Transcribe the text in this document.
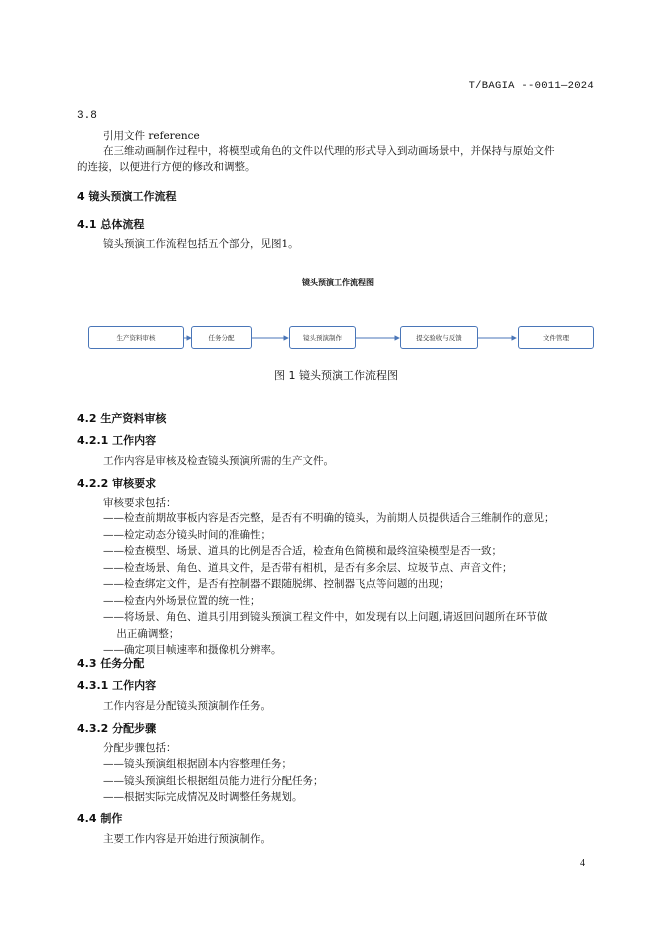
T/BAGIA --0011—2024
3.8
引用文件 reference
在三维动画制作过程中，将模型或角色的文件以代理的形式导入到动画场景中，并保持与原始文件
的连接，以便进行方便的修改和调整。
4 镜头预演工作流程
4.1 总体流程
镜头预演工作流程包括五个部分，见图1。
镜头预演工作流程图
生产资料审核	任务分配	镜头预演制作	提交验收与反馈	文件管理
图 1 镜头预演工作流程图
4.2 生产资料审核
4.2.1 工作内容
工作内容是审核及检查镜头预演所需的生产文件。
4.2.2 审核要求
审核要求包括：
——检查前期故事板内容是否完整，是否有不明确的镜头，为前期人员提供适合三维制作的意见；
——检定动态分镜头时间的准确性；
——检查模型、场景、道具的比例是否合适，检查角色简模和最终渲染模型是否一致；
——检查场景、角色、道具文件，是否带有相机，是否有多余层、垃圾节点、声音文件；
——检查绑定文件，是否有控制器不跟随脱绑、控制器飞点等问题的出现；
——检查内外场景位置的统一性；
——将场景、角色、道具引用到镜头预演工程文件中，如发现有以上问题,请返回问题所在环节做
出正确调整；
——确定项目帧速率和摄像机分辨率。
4.3 任务分配
4.3.1 工作内容
工作内容是分配镜头预演制作任务。
4.3.2 分配步骤
分配步骤包括：
——镜头预演组根据剧本内容整理任务；
——镜头预演组长根据组员能力进行分配任务；
——根据实际完成情况及时调整任务规划。
4.4 制作
主要工作内容是开始进行预演制作。
4
